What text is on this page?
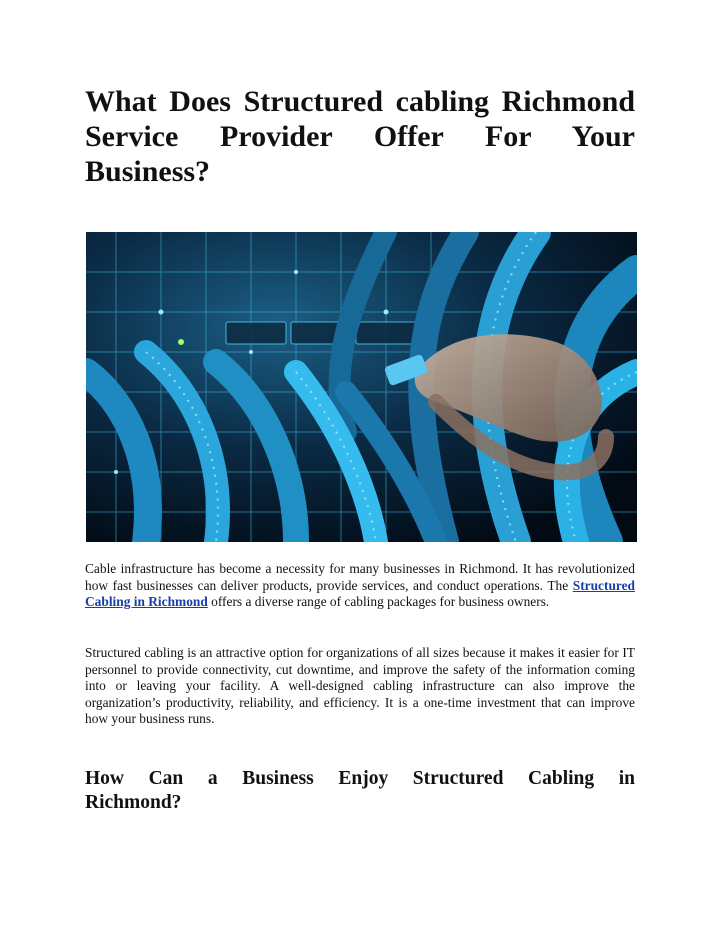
What Does Structured cabling Richmond
Service Provider Offer For Your
Business?

Cable infrastructure has become a necessity for many businesses in Richmond. It has revolutionized how fast businesses can deliver products, provide services, and conduct operations. The Structured Cabling in Richmond offers a diverse range of cabling packages for business owners.

Structured cabling is an attractive option for organizations of all sizes because it makes it easier for IT personnel to provide connectivity, cut downtime, and improve the safety of the information coming into or leaving your facility. A well-designed cabling infrastructure can also improve the organization’s productivity, reliability, and efficiency. It is a one-time investment that can improve how your business runs.

How Can a Business Enjoy Structured Cabling in
Richmond?
